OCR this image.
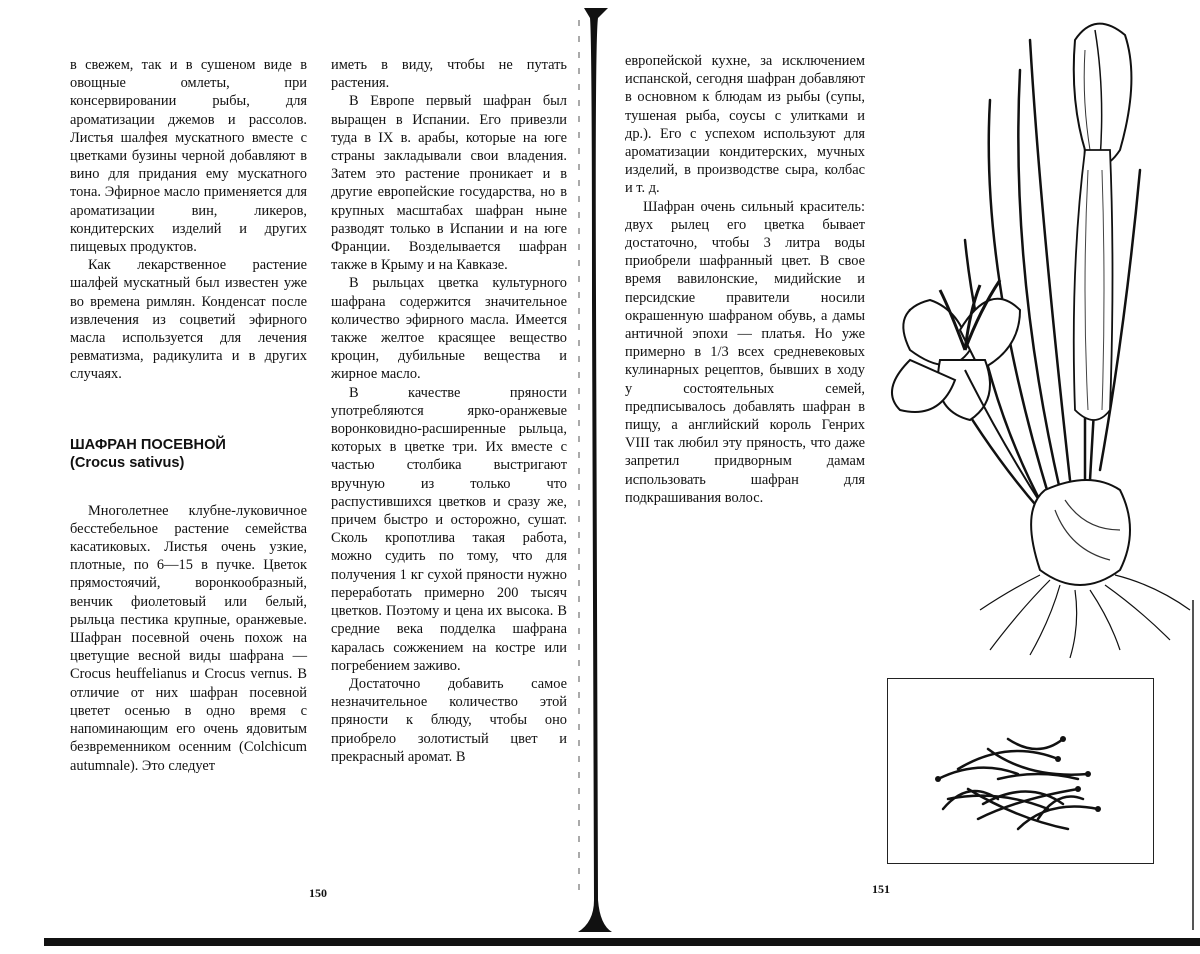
в свежем, так и в сушеном виде в овощные омлеты, при консервировании рыбы, для ароматизации джемов и рассолов. Листья шалфея мускатного вместе с цветками бузины черной добавляют в вино для придания ему мускатного тона. Эфирное масло применяется для ароматизации вин, ликеров, кондитерских изделий и других пищевых продуктов.

Как лекарственное растение шалфей мускатный был известен уже во времена римлян. Конденсат после извлечения из соцветий эфирного масла используется для лечения ревматизма, радикулита и в других случаях.

ШАФРАН ПОСЕВНОЙ
(Crocus sativus)

Многолетнее клубне-луковичное бесстебельное растение семейства касатиковых. Листья очень узкие, плотные, по 6—15 в пучке. Цветок прямостоячий, воронкообразный, венчик фиолетовый или белый, рыльца пестика крупные, оранжевые. Шафран посевной очень похож на цветущие весной виды шафрана — Crocus heuffelianus и Crocus vernus. В отличие от них шафран посевной цветет осенью в одно время с напоминающим его очень ядовитым безвременником осенним (Colchicum autumnale). Это следует

иметь в виду, чтобы не путать растения.

В Европе первый шафран был выращен в Испании. Его привезли туда в IX в. арабы, которые на юге страны закладывали свои владения. Затем это растение проникает и в другие европейские государства, но в крупных масштабах шафран ныне разводят только в Испании и на юге Франции. Возделывается шафран также в Крыму и на Кавказе.

В рыльцах цветка культурного шафрана содержится значительное количество эфирного масла. Имеется также желтое красящее вещество кроцин, дубильные вещества и жирное масло.

В качестве пряности употребляются ярко-оранжевые воронковидно-расширенные рыльца, которых в цветке три. Их вместе с частью столбика выстригают вручную из только что распустившихся цветков и сразу же, причем быстро и осторожно, сушат. Сколь кропотлива такая работа, можно судить по тому, что для получения 1 кг сухой пряности нужно переработать примерно 200 тысяч цветков. Поэтому и цена их высока. В средние века подделка шафрана каралась сожжением на костре или погребением заживо.

Достаточно добавить самое незначительное количество этой пряности к блюду, чтобы оно приобрело золотистый цвет и прекрасный аромат. В

150

европейской кухне, за исключением испанской, сегодня шафран добавляют в основном к блюдам из рыбы (супы, тушеная рыба, соусы с улитками и др.). Его с успехом используют для ароматизации кондитерских, мучных изделий, в производстве сыра, колбас и т. д.

Шафран очень сильный краситель: двух рылец его цветка бывает достаточно, чтобы 3 литра воды приобрели шафранный цвет. В свое время вавилонские, мидийские и персидские правители носили окрашенную шафраном обувь, а дамы античной эпохи — платья. Но уже примерно в 1/3 всех средневековых кулинарных рецептов, бывших в ходу у состоятельных семей, предписывалось добавлять шафран в пищу, а английский король Генрих VIII так любил эту пряность, что даже запретил придворным дамам использовать шафран для подкрашивания волос.

151
